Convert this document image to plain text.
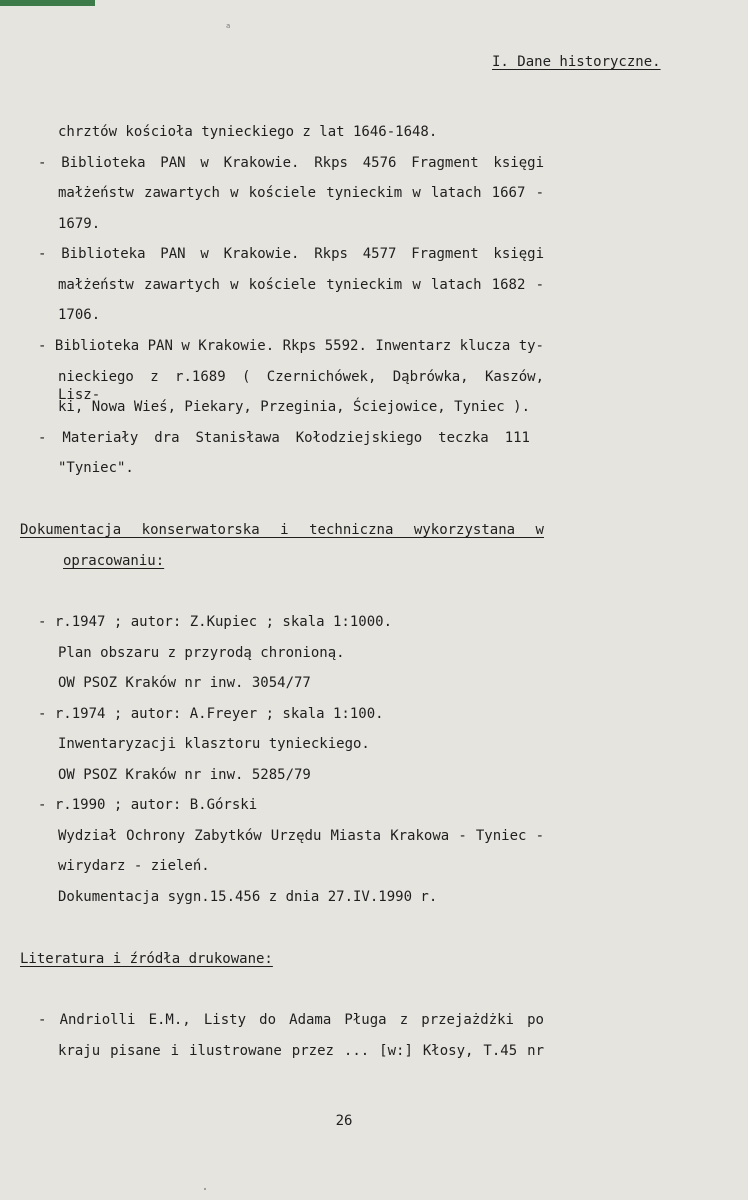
a
I. Dane historyczne.
chrztów kościoła tynieckiego z lat 1646-1648.
- Biblioteka PAN w Krakowie. Rkps 4576 Fragment księgi
małżeństw zawartych w kościele tynieckim w latach 1667 -
1679.
- Biblioteka PAN w Krakowie. Rkps 4577 Fragment księgi
małżeństw zawartych w kościele tynieckim w latach 1682 -
1706.
- Biblioteka PAN w Krakowie. Rkps 5592. Inwentarz klucza ty-
nieckiego z r.1689 ( Czernichówek, Dąbrówka, Kaszów, Lisz-
ki, Nowa Wieś, Piekary, Przeginia, Ściejowice, Tyniec ).
- Materiały dra Stanisława Kołodziejskiego teczka 111
"Tyniec".
Dokumentacja konserwatorska i techniczna wykorzystana w
opracowaniu:
- r.1947 ; autor: Z.Kupiec ; skala 1:1000.
Plan obszaru z przyrodą chronioną.
OW PSOZ Kraków nr inw. 3054/77
- r.1974 ; autor: A.Freyer ; skala 1:100.
Inwentaryzacji klasztoru tynieckiego.
OW PSOZ Kraków nr inw. 5285/79
- r.1990 ; autor: B.Górski
Wydział Ochrony Zabytków Urzędu Miasta Krakowa - Tyniec -
wirydarz - zieleń.
Dokumentacja sygn.15.456 z dnia 27.IV.1990 r.
Literatura i źródła drukowane:
- Andriolli E.M., Listy do Adama Pługa z przejażdżki po
kraju pisane i ilustrowane przez ... [w:] Kłosy, T.45 nr
26
